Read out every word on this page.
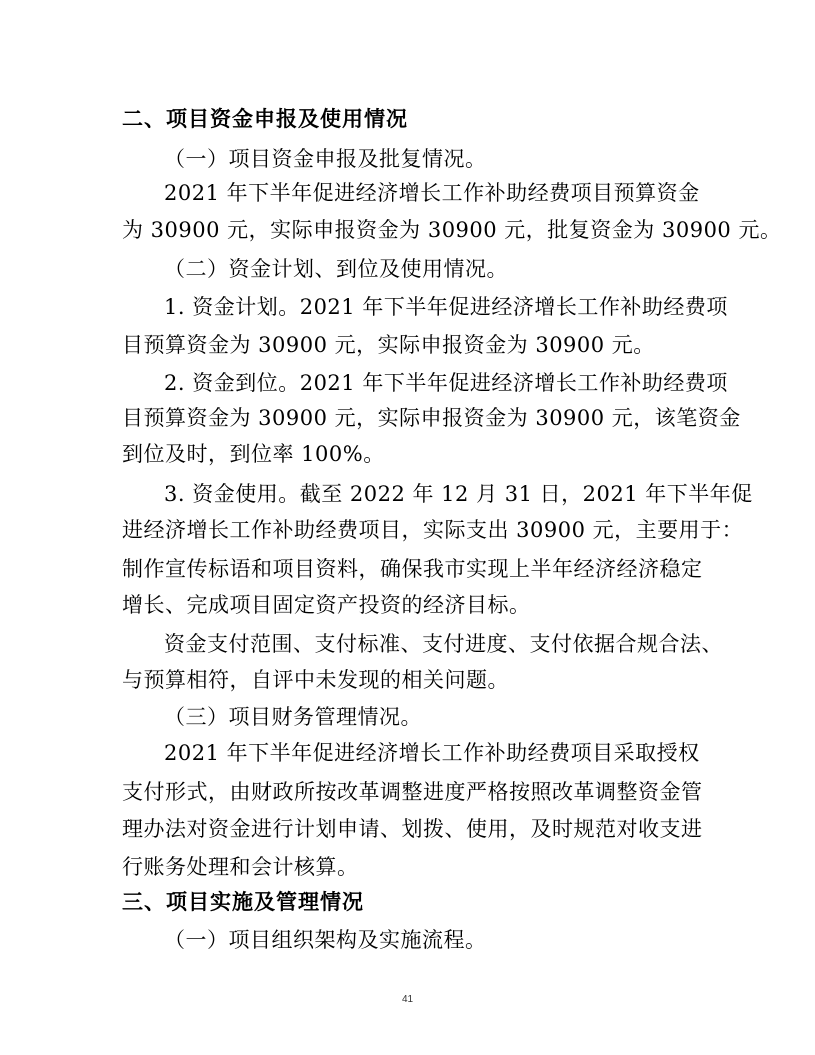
二、项目资金申报及使用情况
（一）项目资金申报及批复情况。
2021 年下半年促进经济增长工作补助经费项目预算资金
为 30900 元，实际申报资金为 30900 元，批复资金为 30900 元。
（二）资金计划、到位及使用情况。
1. 资金计划。2021 年下半年促进经济增长工作补助经费项
目预算资金为 30900 元，实际申报资金为 30900 元。
2. 资金到位。2021 年下半年促进经济增长工作补助经费项
目预算资金为 30900 元，实际申报资金为 30900 元，该笔资金
到位及时，到位率 100%。
3. 资金使用。截至 2022 年 12 月 31 日，2021 年下半年促
进经济增长工作补助经费项目，实际支出 30900 元，主要用于：
制作宣传标语和项目资料，确保我市实现上半年经济经济稳定
增长、完成项目固定资产投资的经济目标。
资金支付范围、支付标准、支付进度、支付依据合规合法、
与预算相符，自评中未发现的相关问题。
（三）项目财务管理情况。
2021 年下半年促进经济增长工作补助经费项目采取授权
支付形式，由财政所按改革调整进度严格按照改革调整资金管
理办法对资金进行计划申请、划拨、使用，及时规范对收支进
行账务处理和会计核算。
三、项目实施及管理情况
（一）项目组织架构及实施流程。
41
